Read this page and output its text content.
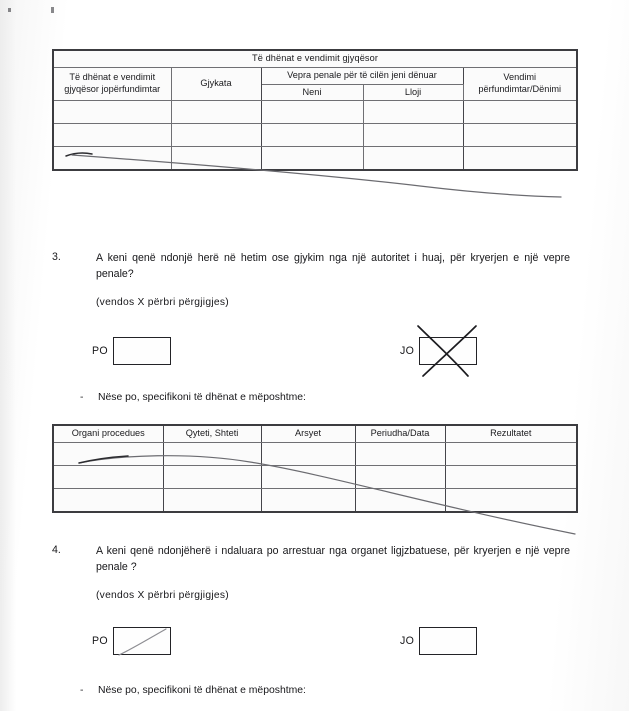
Të dhënat e vendimit gjyqësor				
Të dhënat e vendimit gjyqësor jopërfundimtar	Gjykata	Vepra penale për të cilën jeni dënuar		Vendimi përfundimtar/Dënimi
		Neni	Lloji	

3.	A keni qenë ndonjë herë në hetim ose gjykim nga një autoritet i huaj, për kryerjen e një vepre penale?
(vendos X përbri përgjigjes)
PO	JO
-	Nëse po, specifikoni të dhënat e mëposhtme:
Organi procedues	Qyteti, Shteti	Arsyet	Periudha/Data	Rezultatet

4.	A keni qenë ndonjëherë i ndaluara po arrestuar nga organet ligjzbatuese, për kryerjen e një vepre penale ?
(vendos X përbri përgjigjes)
PO	JO
-	Nëse po, specifikoni të dhënat e mëposhtme:
